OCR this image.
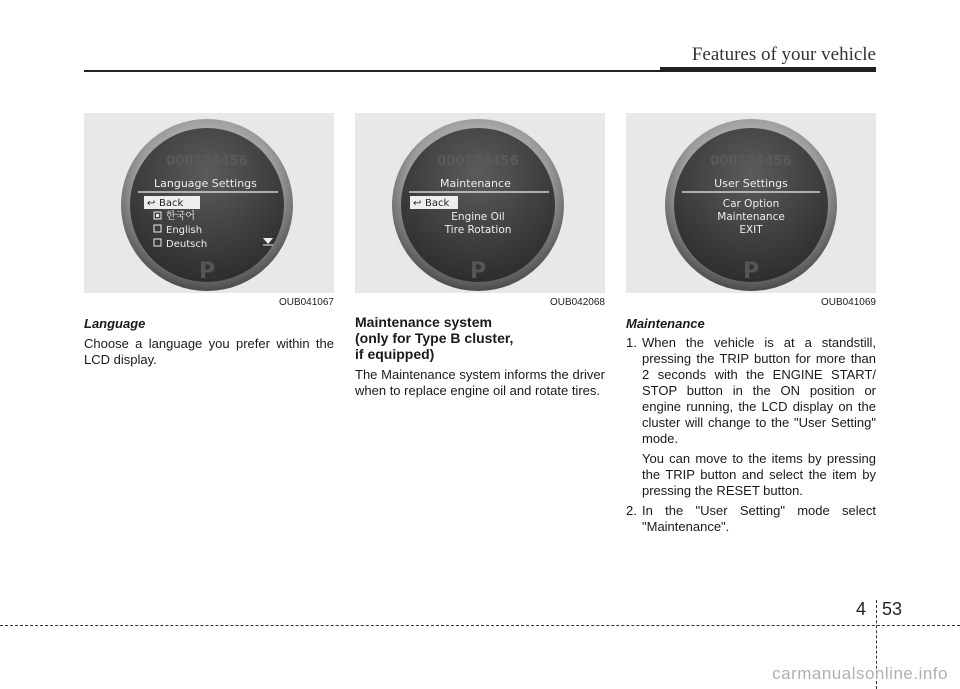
Features of your vehicle
000123456
Language Settings
↩ Back
한국어
English
Deutsch
P
OUB041067
Language

Choose a language you prefer within the LCD display.

000123456
Maintenance
↩ Back
Engine Oil
Tire Rotation
P
OUB042068
Maintenance system
(only for Type B cluster,
if equipped)

The Maintenance system informs the driver when to replace engine oil and rotate tires.

000123456
User Settings
Car Option
Maintenance
EXIT
P
OUB041069
Maintenance
1. When the vehicle is at a standstill, pressing the TRIP button for more than 2 seconds with the ENGINE START/ STOP button in the ON position or engine running, the LCD display on the cluster will change to the "User Setting" mode.

You can move to the items by pressing the TRIP button and select the item by pressing the RESET button.

2. In the "User Setting" mode select "Maintenance".

4 53
carmanualsonline.info
